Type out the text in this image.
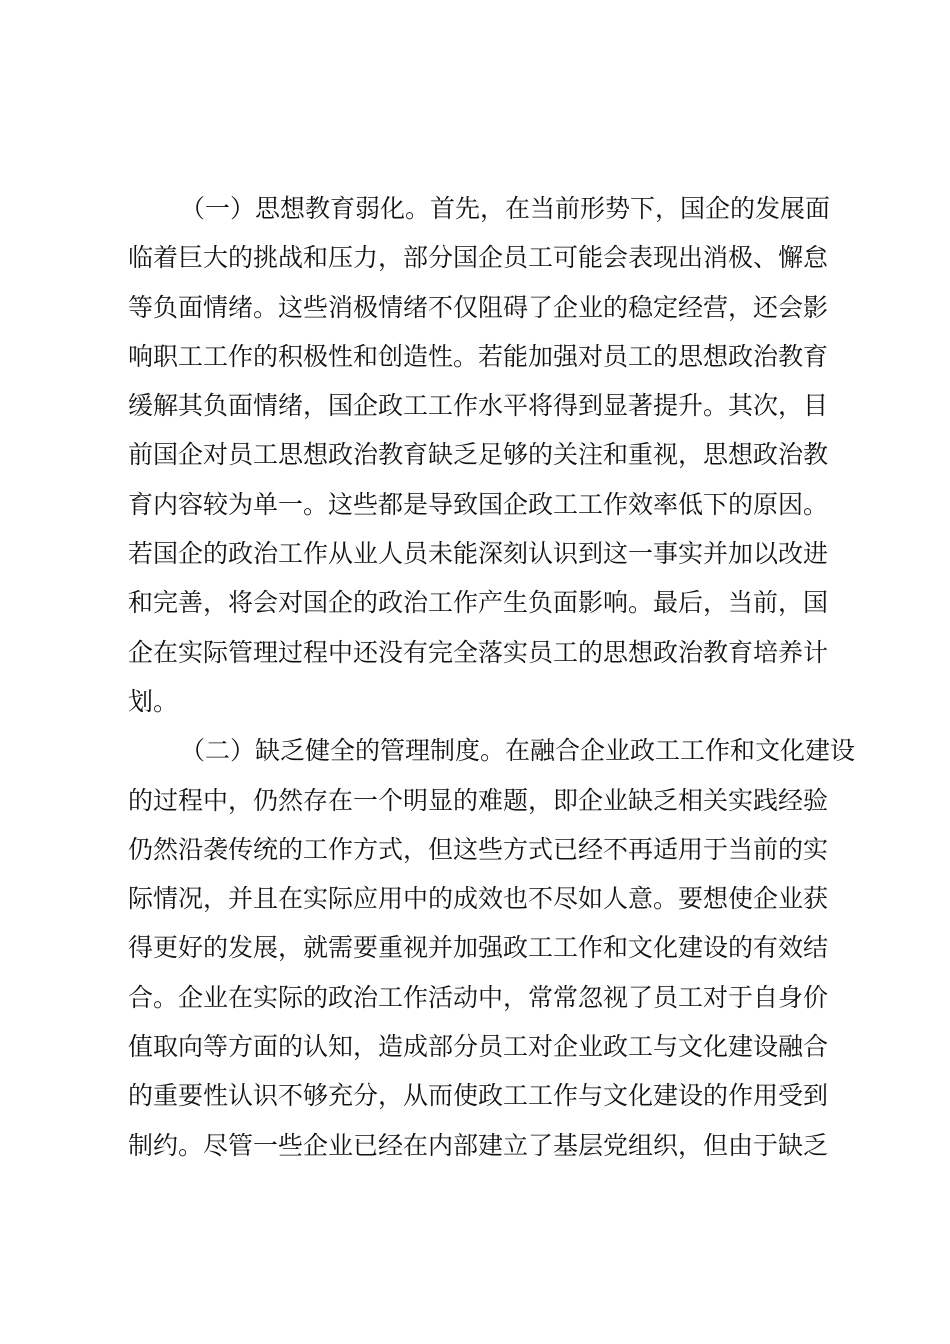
（一）思想教育弱化。首先，在当前形势下，国企的发展面
临着巨大的挑战和压力，部分国企员工可能会表现出消极、懈怠
等负面情绪。这些消极情绪不仅阻碍了企业的稳定经营，还会影
响职工工作的积极性和创造性。若能加强对员工的思想政治教育
缓解其负面情绪，国企政工工作水平将得到显著提升。其次，目
前国企对员工思想政治教育缺乏足够的关注和重视，思想政治教
育内容较为单一。这些都是导致国企政工工作效率低下的原因。
若国企的政治工作从业人员未能深刻认识到这一事实并加以改进
和完善，将会对国企的政治工作产生负面影响。最后，当前，国
企在实际管理过程中还没有完全落实员工的思想政治教育培养计
划。
（二）缺乏健全的管理制度。在融合企业政工工作和文化建设
的过程中，仍然存在一个明显的难题，即企业缺乏相关实践经验
仍然沿袭传统的工作方式，但这些方式已经不再适用于当前的实
际情况，并且在实际应用中的成效也不尽如人意。要想使企业获
得更好的发展，就需要重视并加强政工工作和文化建设的有效结
合。企业在实际的政治工作活动中，常常忽视了员工对于自身价
值取向等方面的认知，造成部分员工对企业政工与文化建设融合
的重要性认识不够充分，从而使政工工作与文化建设的作用受到
制约。尽管一些企业已经在内部建立了基层党组织，但由于缺乏
